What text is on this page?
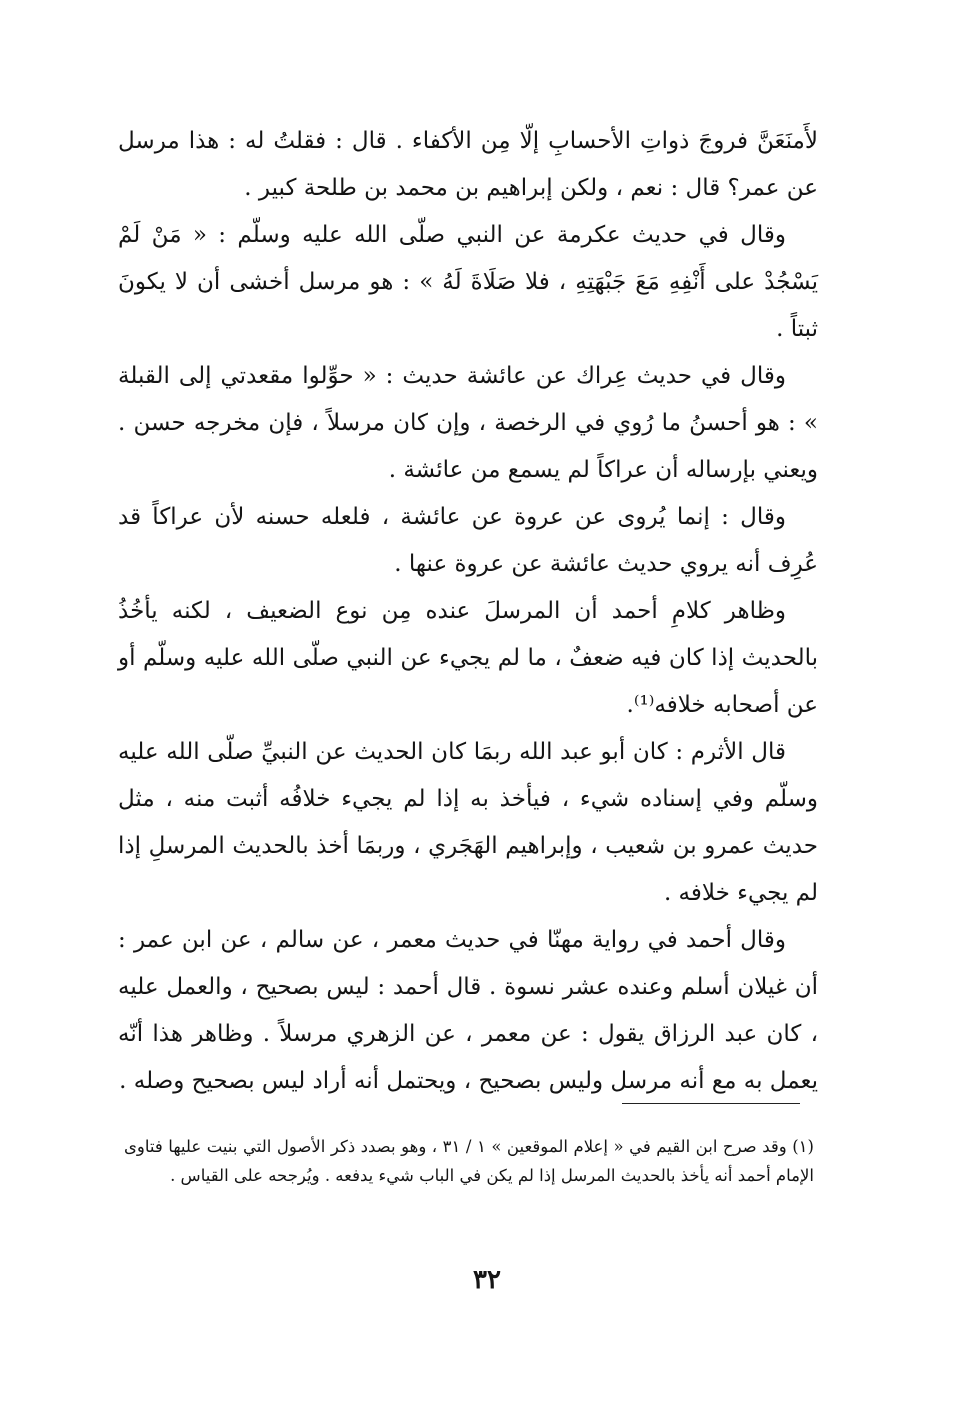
لأَمنَعَنَّ فروجَ ذواتِ الأحسابِ إلّا مِن الأكفاء . قال : فقلتُ له : هذا مرسل عن عمر؟ قال : نعم ، ولكن إبراهيم بن محمد بن طلحة كبير .

وقال في حديث عكرمة عن النبي صلّى الله عليه وسلّم : « مَنْ لَمْ يَسْجُدْ على أَنْفِهِ مَعَ جَبْهَتِهِ ، فلا صَلَاةَ لَهُ » : هو مرسل أخشى أن لا يكونَ ثبتاً .

وقال في حديث عِراك عن عائشة حديث : « حوِّلوا مقعدتي إلى القبلة » : هو أحسنُ ما رُوي في الرخصة ، وإن كان مرسلاً ، فإن مخرجه حسن . ويعني بإرساله أن عراكاً لم يسمع من عائشة .

وقال : إنما يُروى عن عروة عن عائشة ، فلعله حسنه لأن عراكاً قد عُرِف أنه يروي حديث عائشة عن عروة عنها .

وظاهر كلامِ أحمد أن المرسلَ عنده مِن نوع الضعيف ، لكنه يأخُذُ بالحديث إذا كان فيه ضعفٌ ، ما لم يجيء عن النبي صلّى الله عليه وسلّم أو عن أصحابه خلافه⁽¹⁾.

قال الأثرم : كان أبو عبد الله ربمَا كان الحديث عن النبيِّ صلّى الله عليه وسلّم وفي إسناده شيء ، فيأخذ به إذا لم يجيء خلافُه أثبت منه ، مثل حديث عمرو بن شعيب ، وإبراهيم الهَجَري ، وربمَا أخذ بالحديث المرسلِ إذا لم يجيء خلافه .

وقال أحمد في رواية مهنّا في حديث معمر ، عن سالم ، عن ابن عمر : أن غيلان أسلم وعنده عشر نسوة . قال أحمد : ليس بصحيح ، والعمل عليه ، كان عبد الرزاق يقول : عن معمر ، عن الزهري مرسلاً . وظاهر هذا أنّه يعمل به مع أنه مرسل وليس بصحيح ، ويحتمل أنه أراد ليس بصحيح وصله .

(١) وقد صرح ابن القيم في « إعلام الموقعين » ١ / ٣١ ، وهو بصدد ذكر الأصول التي بنيت عليها فتاوى الإمام أحمد أنه يأخذ بالحديث المرسل إذا لم يكن في الباب شيء يدفعه . ويُرجحه على القياس .

٣٢
